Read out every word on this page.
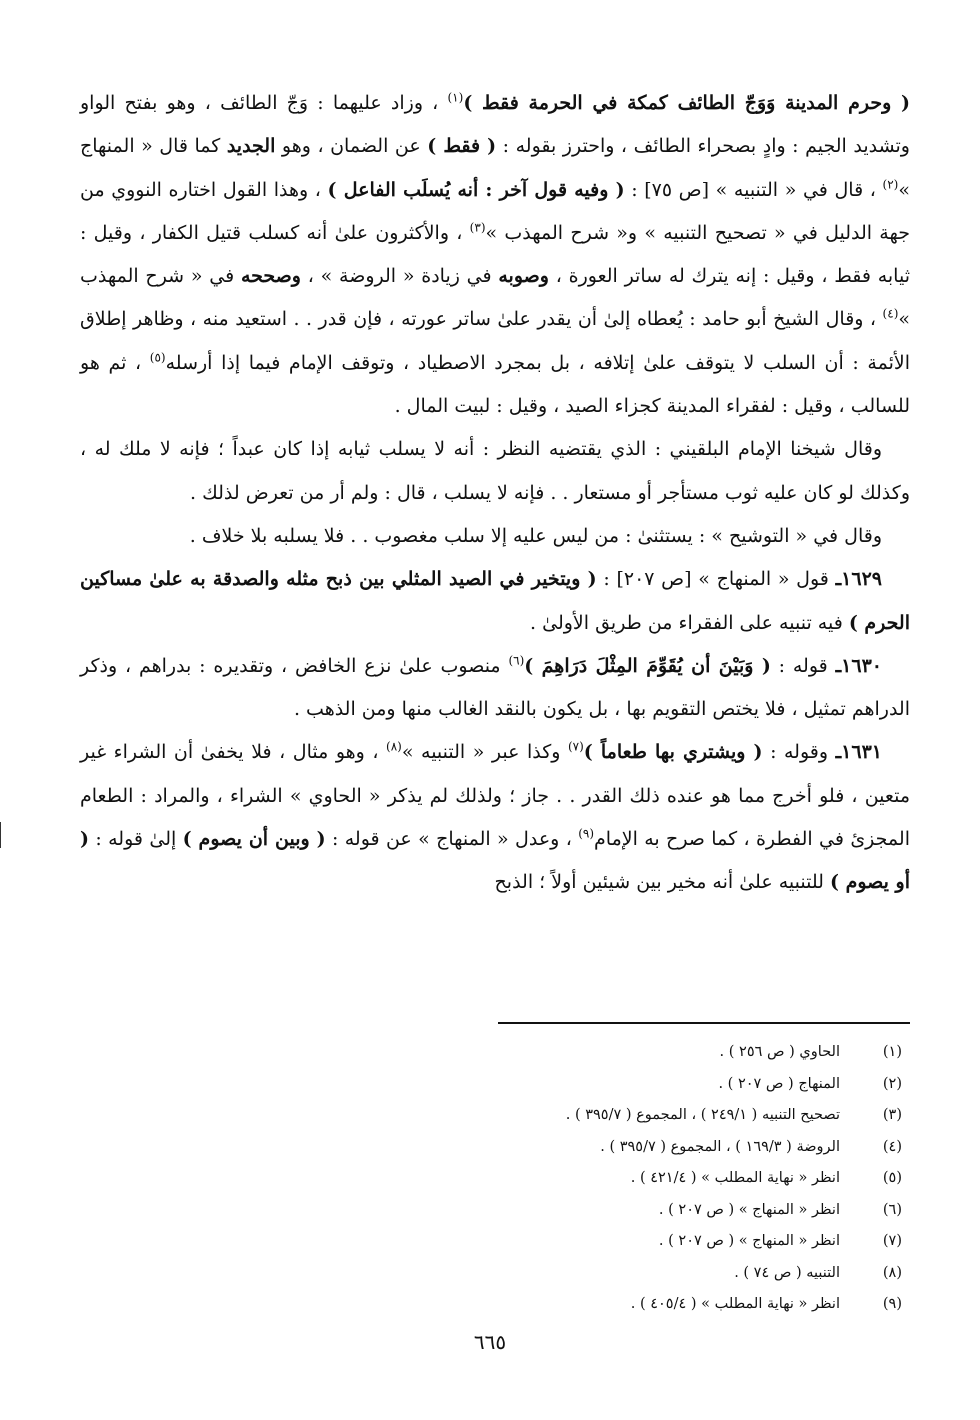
( وحرم المدينة وَوَجّ الطائف كمكة في الحرمة فقط )$^{(١)}$ ، وزاد عليهما : وَجّ الطائف ، وهو بفتح الواو وتشديد الجيم : وادٍ بصحراء الطائف ، واحترز بقوله : ( فقط ) عن الضمان ، وهو الجديد كما قال « المنهاج »$^{(٢)}$ ، قال في « التنبيه » [ص ٧٥] : ( وفيه قول آخر : أنه يُسلَب الفاعل ) ، وهذا القول اختاره النووي من جهة الدليل في « تصحيح التنبيه » و« شرح المهذب »$^{(٣)}$ ، والأكثرون علىٰ أنه كسلب قتيل الكفار ، وقيل : ثيابه فقط ، وقيل : إنه يترك له ساتر العورة ، وصوبه في زيادة « الروضة » ، وصححه في « شرح المهذب »$^{(٤)}$ ، وقال الشيخ أبو حامد : يُعطاه إلىٰ أن يقدر علىٰ ساتر عورته ، فإن قدر . . استعيد منه ، وظاهر إطلاق الأئمة : أن السلب لا يتوقف علىٰ إتلافه ، بل بمجرد الاصطياد ، وتوقف الإمام فيما إذا أرسله$^{(٥)}$ ، ثم هو للسالب ، وقيل : لفقراء المدينة كجزاء الصيد ، وقيل : لبيت المال .

وقال شيخنا الإمام البلقيني : الذي يقتضيه النظر : أنه لا يسلب ثيابه إذا كان عبداً ؛ فإنه لا ملك له ، وكذلك لو كان عليه ثوب مستأجر أو مستعار . . فإنه لا يسلب ، قال : ولم أر من تعرض لذلك .

وقال في « التوشيح » : يستثنىٰ : من ليس عليه إلا سلب مغصوب . . فلا يسلبه بلا خلاف .

١٦٢٩ـ قول « المنهاج » [ص ٢٠٧] : ( ويتخير في الصيد المثلي بين ذبح مثله والصدقة به علىٰ مساكين الحرم ) فيه تنبيه على الفقراء من طريق الأولىٰ .

١٦٣٠ـ قوله : ( وَبَيْنَ أن يُقَوِّمَ المِثْلَ دَرَاهِمَ )$^{(٦)}$ منصوب علىٰ نزع الخافض ، وتقديره : بدراهم ، وذكر الدراهم تمثيل ، فلا يختص التقويم بها ، بل يكون بالنقد الغالب منها ومن الذهب .

١٦٣١ـ وقوله : ( ويشتري بها طعاماً )$^{(٧)}$ وكذا عبر « التنبيه »$^{(٨)}$ ، وهو مثال ، فلا يخفىٰ أن الشراء غير متعين ، فلو أخرج مما هو عنده ذلك القدر . . جاز ؛ ولذلك لم يذكر « الحاوي » الشراء ، والمراد : الطعام المجزئ في الفطرة ، كما صرح به الإمام$^{(٩)}$ ، وعدل « المنهاج » عن قوله : ( وبين أن يصوم ) إلىٰ قوله : ( أو يصوم ) للتنبيه علىٰ أنه مخير بين شيئين أولاً ؛ الذبح

(١)
الحاوي ( ص ٢٥٦ ) .
(٢)
المنهاج ( ص ٢٠٧ ) .
(٣)
تصحيح التنبيه ( ٢٤٩/١ ) ، المجموع ( ٣٩٥/٧ ) .
(٤)
الروضة ( ١٦٩/٣ ) ، المجموع ( ٣٩٥/٧ ) .
(٥)
انظر « نهاية المطلب » ( ٤٢١/٤ ) .
(٦)
انظر « المنهاج » ( ص ٢٠٧ ) .
(٧)
انظر « المنهاج » ( ص ٢٠٧ ) .
(٨)
التنبيه ( ص ٧٤ ) .
(٩)
انظر « نهاية المطلب » ( ٤٠٥/٤ ) .
٦٦٥
